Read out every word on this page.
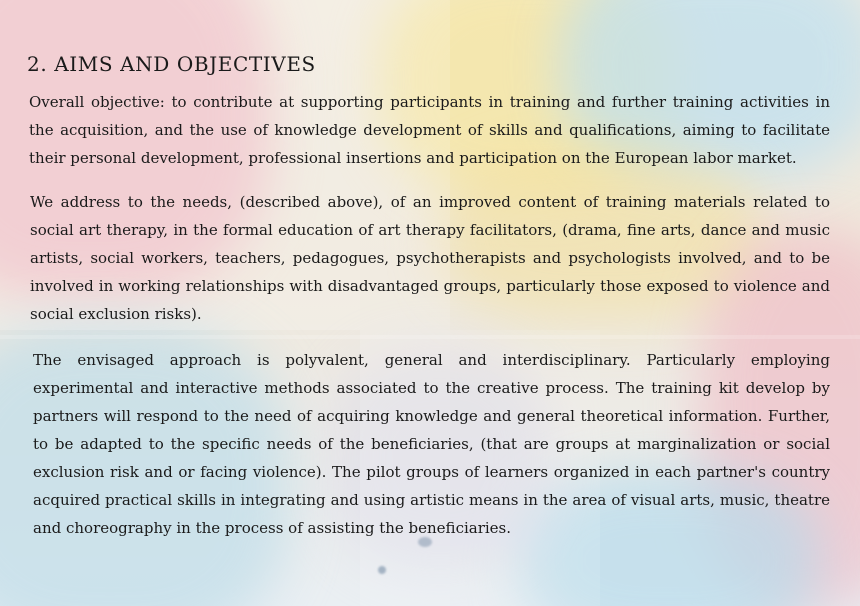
2. AIMS AND OBJECTIVES

Overall objective: to contribute at supporting participants in training and further training activities in the acquisition, and the use of knowledge development of skills and qualifications, aiming to facilitate their personal development, professional insertions and participation on the European labor market.

We address to the needs, (described above), of an improved content of training materials related to social art therapy, in the formal education of art therapy facilitators, (drama, fine arts, dance and music artists, social workers, teachers, pedagogues, psychotherapists and psychologists involved, and to be involved in working relationships with disadvantaged groups, particularly those exposed to violence and social exclusion risks).

The envisaged approach is polyvalent, general and interdisciplinary. Particularly employing experimental and interactive methods associated to the creative process. The training kit develop by partners will respond to the need of acquiring knowledge and general theoretical information. Further, to be adapted to the specific needs of the beneficiaries, (that are groups at marginalization or social exclusion risk and or facing violence). The pilot groups of learners organized in each partner's country acquired practical skills in integrating and using artistic means in the area of visual arts, music, theatre and choreography in the process of assisting the beneficiaries.
